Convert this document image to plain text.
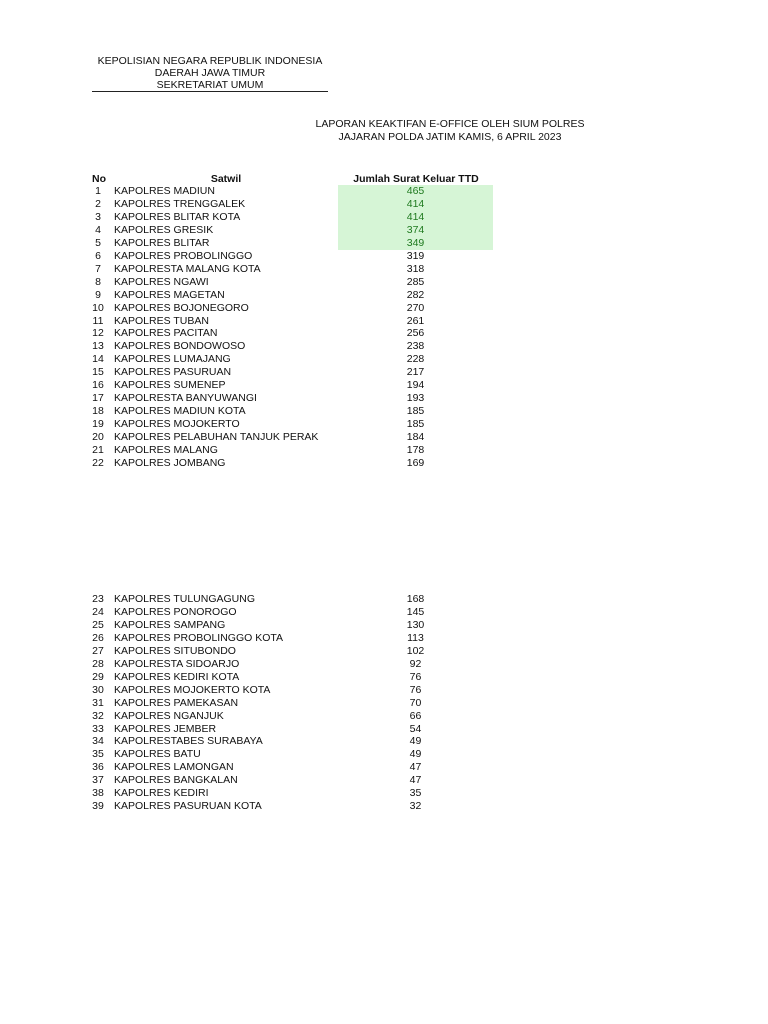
KEPOLISIAN NEGARA REPUBLIK INDONESIA
DAERAH JAWA TIMUR
SEKRETARIAT UMUM
LAPORAN KEAKTIFAN E-OFFICE OLEH SIUM POLRES
JAJARAN POLDA JATIM KAMIS, 6 APRIL 2023
No	Satwil	Jumlah Surat Keluar TTD
1	KAPOLRES MADIUN	465
2	KAPOLRES TRENGGALEK	414
3	KAPOLRES BLITAR KOTA	414
4	KAPOLRES GRESIK	374
5	KAPOLRES BLITAR	349
6	KAPOLRES PROBOLINGGO	319
7	KAPOLRESTA MALANG KOTA	318
8	KAPOLRES NGAWI	285
9	KAPOLRES MAGETAN	282
10 KAPOLRES BOJONEGORO	270
11	KAPOLRES TUBAN	261
12 KAPOLRES PACITAN	256
13 KAPOLRES BONDOWOSO	238
14 KAPOLRES LUMAJANG	228
15 KAPOLRES PASURUAN	217
16 KAPOLRES SUMENEP	194
17 KAPOLRESTA BANYUWANGI	193
18 KAPOLRES MADIUN KOTA	185
19 KAPOLRES MOJOKERTO	185
20 KAPOLRES PELABUHAN TANJUK PERAK	184
21 KAPOLRES MALANG	178
22 KAPOLRES JOMBANG	169
23 KAPOLRES TULUNGAGUNG	168
24 KAPOLRES PONOROGO	145
25 KAPOLRES SAMPANG	130
26 KAPOLRES PROBOLINGGO KOTA	113
27 KAPOLRES SITUBONDO	102
28 KAPOLRESTA SIDOARJO	92
29 KAPOLRES KEDIRI KOTA	76
30 KAPOLRES MOJOKERTO KOTA	76
31 KAPOLRES PAMEKASAN	70
32 KAPOLRES NGANJUK	66
33 KAPOLRES JEMBER	54
34 KAPOLRESTABES SURABAYA	49
35 KAPOLRES BATU	49
36 KAPOLRES LAMONGAN	47
37 KAPOLRES BANGKALAN	47
38 KAPOLRES KEDIRI	35
39 KAPOLRES PASURUAN KOTA	32
